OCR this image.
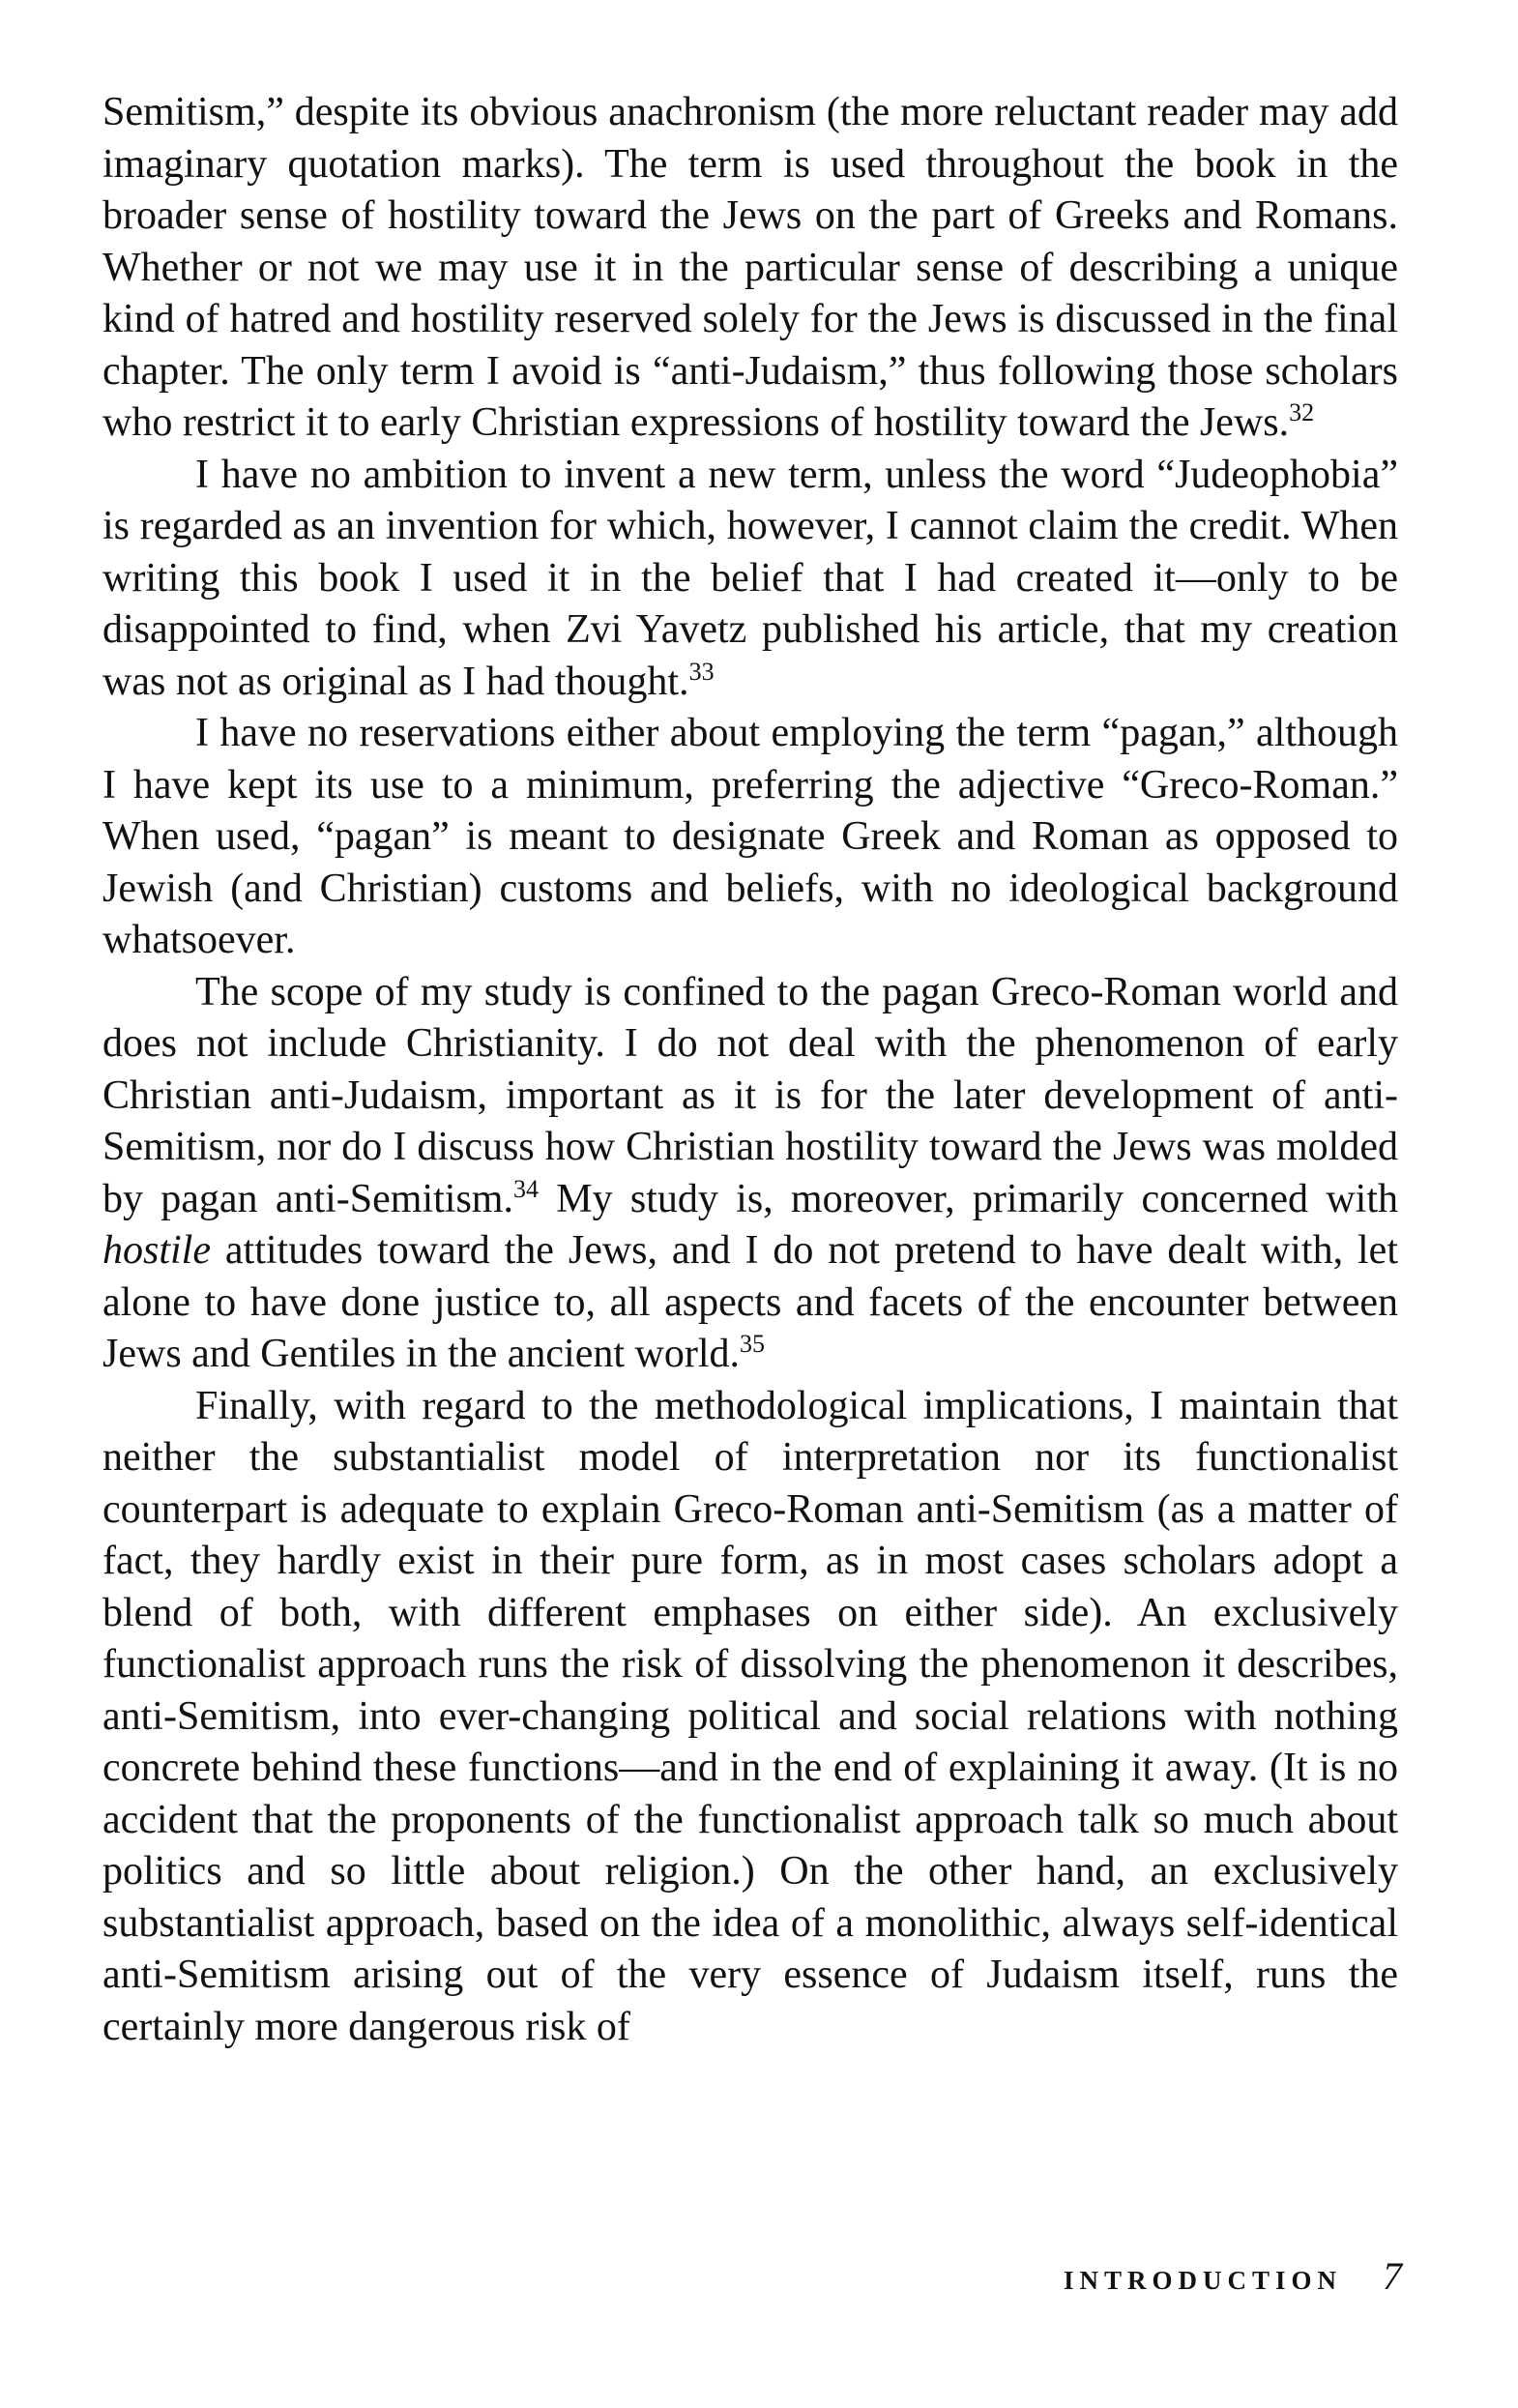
Semitism,” despite its obvious anachronism (the more reluctant reader may add imaginary quotation marks). The term is used throughout the book in the broader sense of hostility toward the Jews on the part of Greeks and Romans. Whether or not we may use it in the particular sense of describing a unique kind of hatred and hostility reserved solely for the Jews is discussed in the final chapter. The only term I avoid is “anti-Judaism,” thus following those scholars who restrict it to early Christian expressions of hostility toward the Jews.$^{32}$

I have no ambition to invent a new term, unless the word “Judeophobia” is regarded as an invention for which, however, I cannot claim the credit. When writing this book I used it in the belief that I had created it—only to be disappointed to find, when Zvi Yavetz published his article, that my creation was not as original as I had thought.$^{33}$

I have no reservations either about employing the term “pagan,” although I have kept its use to a minimum, preferring the adjective “Greco-Roman.” When used, “pagan” is meant to designate Greek and Roman as opposed to Jewish (and Christian) customs and beliefs, with no ideological background whatsoever.

The scope of my study is confined to the pagan Greco-Roman world and does not include Christianity. I do not deal with the phenomenon of early Christian anti-Judaism, important as it is for the later development of anti-Semitism, nor do I discuss how Christian hostility toward the Jews was molded by pagan anti-Semitism.$^{34}$ My study is, moreover, primarily concerned with hostile attitudes toward the Jews, and I do not pretend to have dealt with, let alone to have done justice to, all aspects and facets of the encounter between Jews and Gentiles in the ancient world.$^{35}$

Finally, with regard to the methodological implications, I maintain that neither the substantialist model of interpretation nor its functionalist counterpart is adequate to explain Greco-Roman anti-Semitism (as a matter of fact, they hardly exist in their pure form, as in most cases scholars adopt a blend of both, with different emphases on either side). An exclusively functionalist approach runs the risk of dissolving the phenomenon it describes, anti-Semitism, into ever-changing political and social relations with nothing concrete behind these functions—and in the end of explaining it away. (It is no accident that the proponents of the functionalist approach talk so much about politics and so little about religion.) On the other hand, an exclusively substantialist approach, based on the idea of a monolithic, always self-identical anti-Semitism arising out of the very essence of Judaism itself, runs the certainly more dangerous risk of

INTRODUCTION 7
